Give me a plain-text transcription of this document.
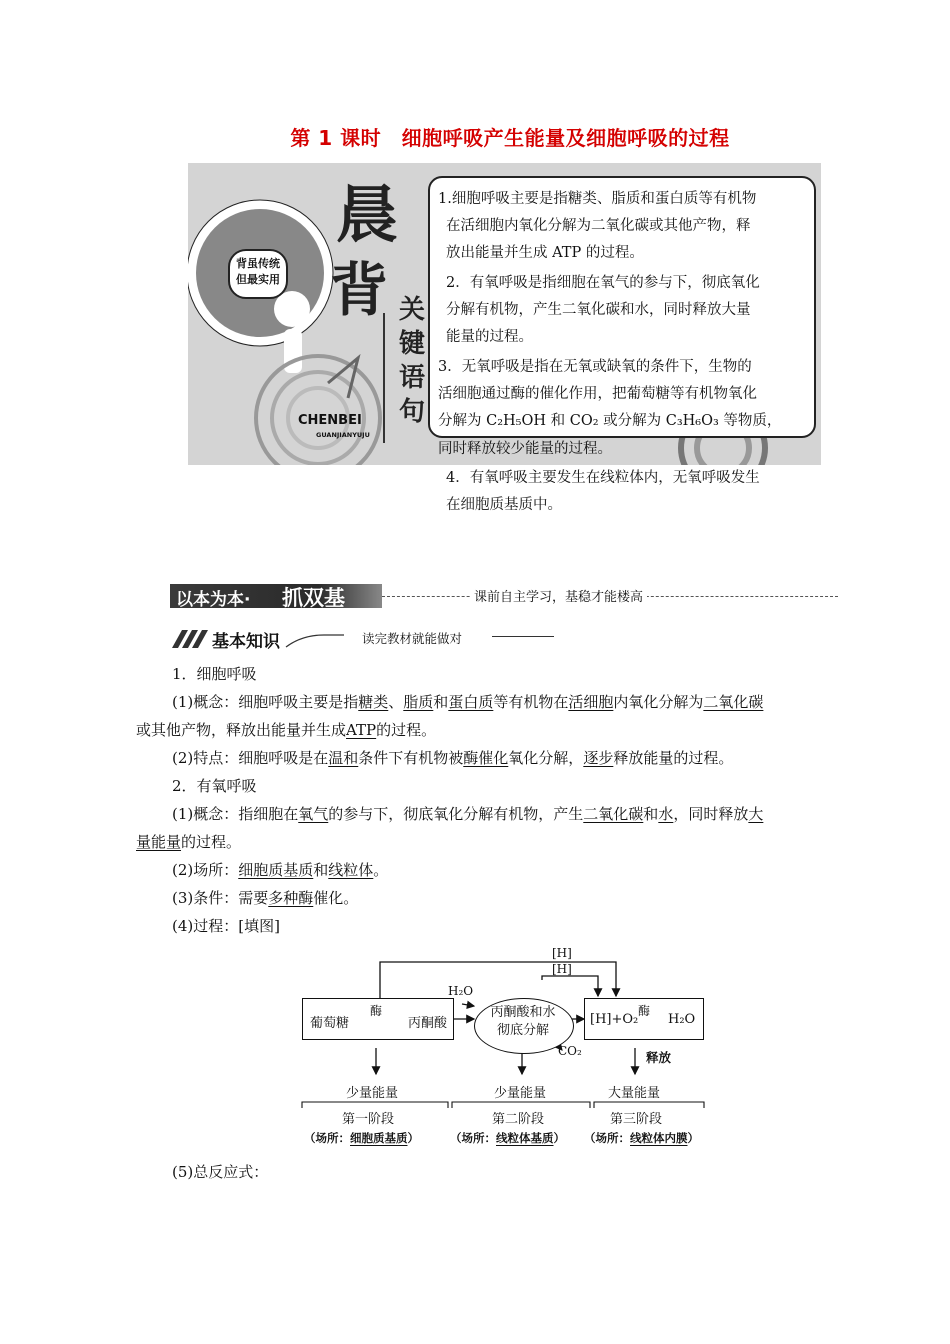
第 1 课时　细胞呼吸产生能量及细胞呼吸的过程
背虽传统
但最实用
晨
背 关
键
语
句
CHENBEI
GUANJIANYUJU
1.细胞呼吸主要是指糖类、脂质和蛋白质等有机物
在活细胞内氧化分解为二氧化碳或其他产物，释
放出能量并生成 ATP 的过程。
2．有氧呼吸是指细胞在氧气的参与下，彻底氧化
分解有机物，产生二氧化碳和水，同时释放大量
能量的过程。
3．无氧呼吸是指在无氧或缺氧的条件下，生物的
活细胞通过酶的催化作用，把葡萄糖等有机物氧化
分解为 C₂H₅OH 和 CO₂ 或分解为 C₃H₆O₃ 等物质，
同时释放较少能量的过程。
4．有氧呼吸主要发生在线粒体内，无氧呼吸发生
在细胞质基质中。
以本为本· 抓双基	课前自主学习，基稳才能楼高
基本知识	读完教材就能做对
1．细胞呼吸
(1)概念：细胞呼吸主要是指糖类、脂质和蛋白质等有机物在活细胞内氧化分解为二氧化碳
或其他产物，释放出能量并生成ATP的过程。
(2)特点：细胞呼吸是在温和条件下有机物被酶催化氧化分解，逐步释放能量的过程。
2．有氧呼吸
(1)概念：指细胞在氧气的参与下，彻底氧化分解有机物，产生二氧化碳和水，同时释放大
量能量的过程。
(2)场所：细胞质基质和线粒体。
(3)条件：需要多种酶催化。
(4)过程：[填图]
葡萄糖
酶
丙酮酸
丙酮酸和水
彻底分解
H₂O
[H]
[H]
[H]+O₂
酶
H₂O
CO₂	释放
少量能量	少量能量	大量能量
第一阶段	第二阶段	第三阶段
（场所：细胞质基质）	（场所：线粒体基质） （场所：线粒体内膜）
(5)总反应式：
